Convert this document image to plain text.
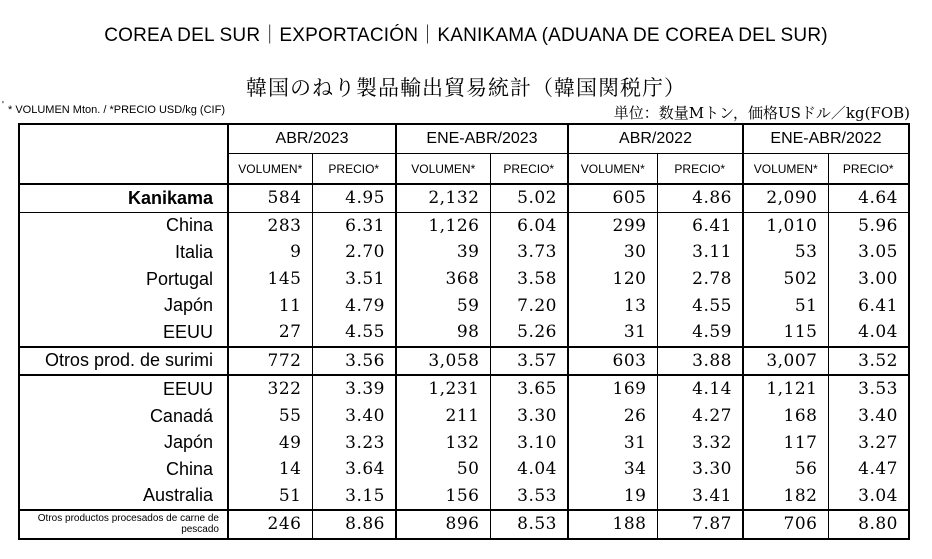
COREA DEL SUR｜EXPORTACIÓN｜KANIKAMA (ADUANA DE COREA DEL SUR)
韓国のねり製品輸出貿易統計（韓国関税庁）
' * VOLUMEN Mton. / *PRECIO USD/kg (CIF)	単位：数量Mトン，価格USドル／kg(FOB)
	ABR/2023		ENE-ABR/2023		ABR/2022		ENE-ABR/2022	
	VOLUMEN*	PRECIO*	VOLUMEN*	PRECIO*	VOLUMEN*	PRECIO*	VOLUMEN*	PRECIO*
Kanikama	584	4.95	2,132	5.02	605	4.86	2,090	4.64
China	283	6.31	1,126	6.04	299	6.41	1,010	5.96
Italia	9	2.70	39	3.73	30	3.11	53	3.05
Portugal	145	3.51	368	3.58	120	2.78	502	3.00
Japón	11	4.79	59	7.20	13	4.55	51	6.41
EEUU	27	4.55	98	5.26	31	4.59	115	4.04
Otros prod. de surimi	772	3.56	3,058	3.57	603	3.88	3,007	3.52
EEUU	322	3.39	1,231	3.65	169	4.14	1,121	3.53
Canadá	55	3.40	211	3.30	26	4.27	168	3.40
Japón	49	3.23	132	3.10	31	3.32	117	3.27
China	14	3.64	50	4.04	34	3.30	56	4.47
Australia	51	3.15	156	3.53	19	3.41	182	3.04
Otros productos procesados de carne de pescado	246	8.86	896	8.53	188	7.87	706	8.80
